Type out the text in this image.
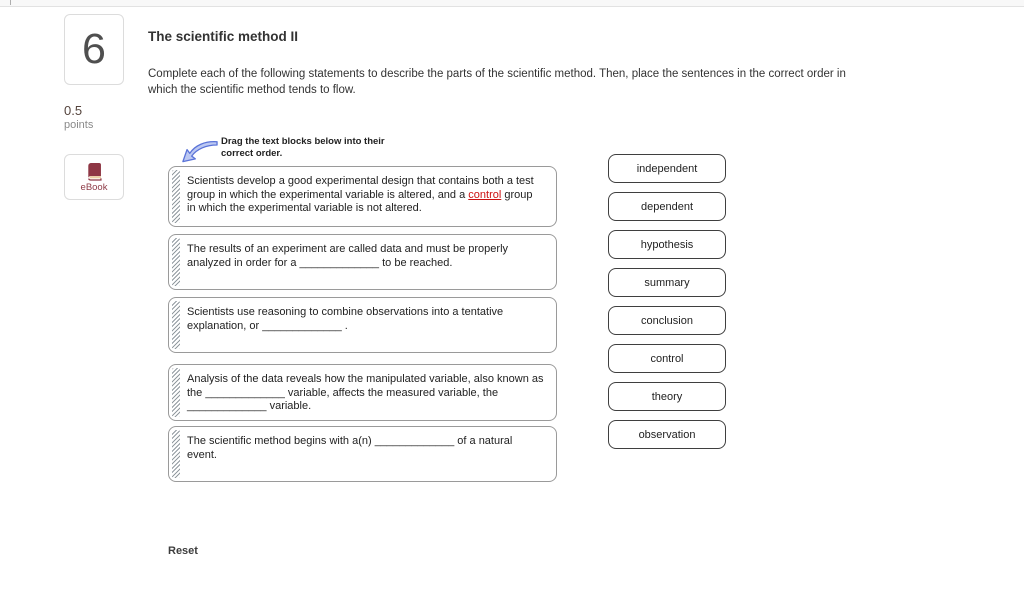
6
0.5
points
eBook
The scientific method II
Complete each of the following statements to describe the parts of the scientific method. Then, place the sentences in the correct order in which the scientific method tends to flow.
Drag the text blocks below into their correct order.
Scientists develop a good experimental design that contains both a test group in which the experimental variable is altered, and a control group in which the experimental variable is not altered.
The results of an experiment are called data and must be properly analyzed in order for a _____________ to be reached.
Scientists use reasoning to combine observations into a tentative explanation, or _____________ .
Analysis of the data reveals how the manipulated variable, also known as the _____________ variable, affects the measured variable, the _____________ variable.
The scientific method begins with a(n) _____________ of a natural event.
independent
dependent
hypothesis
summary
conclusion
control
theory
observation
Reset
